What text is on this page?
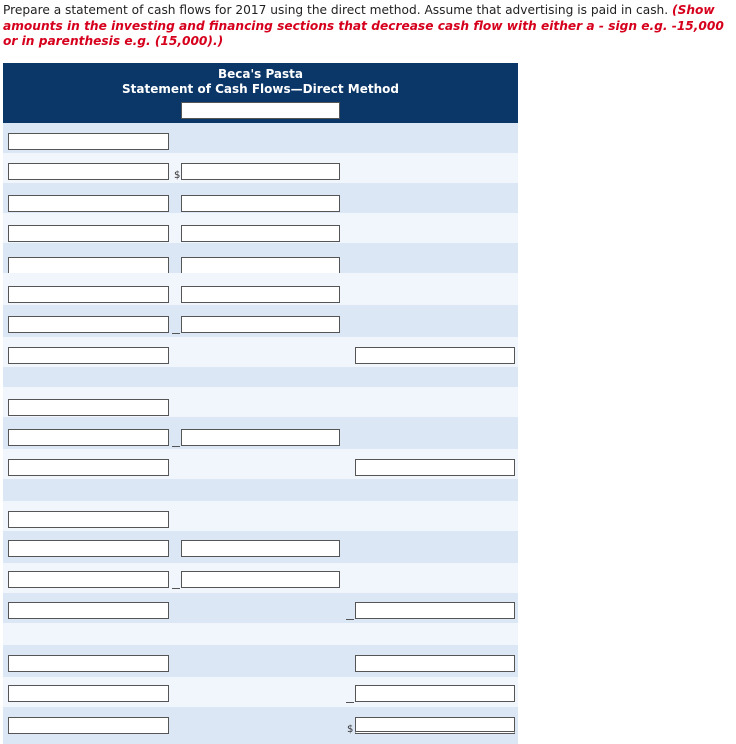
Prepare a statement of cash flows for 2017 using the direct method. Assume that advertising is paid in cash. (Show amounts in the investing and financing sections that decrease cash flow with either a - sign e.g. -15,000 or in parenthesis e.g. (15,000).)
Beca's Pasta
Statement of Cash Flows—Direct Method
$
$
